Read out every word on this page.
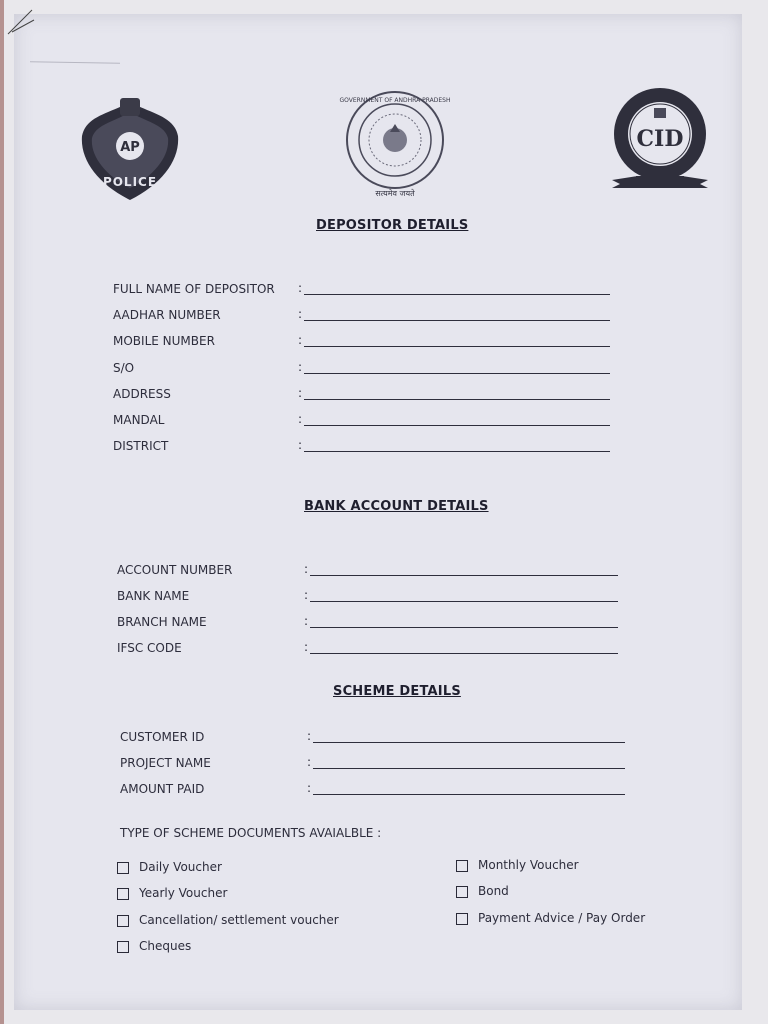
AP
POLICE
GOVERNMENT OF ANDHRA PRADESH
सत्यमेव जयते
CID
DEPOSITOR DETAILS
BANK ACCOUNT DETAILS
SCHEME DETAILS
FULL NAME OF DEPOSITOR :
AADHAR NUMBER	:
MOBILE NUMBER	:
S/O	:
ADDRESS	:
MANDAL	:
DISTRICT	:
ACCOUNT NUMBER	:
BANK NAME	:
BRANCH NAME	:
IFSC CODE	:
CUSTOMER ID	:
PROJECT NAME	:
AMOUNT PAID	:
TYPE OF SCHEME DOCUMENTS AVAIALBLE :
Daily Voucher
Yearly Voucher
Cancellation/ settlement voucher
Cheques
Monthly Voucher
Bond
Payment Advice / Pay Order
